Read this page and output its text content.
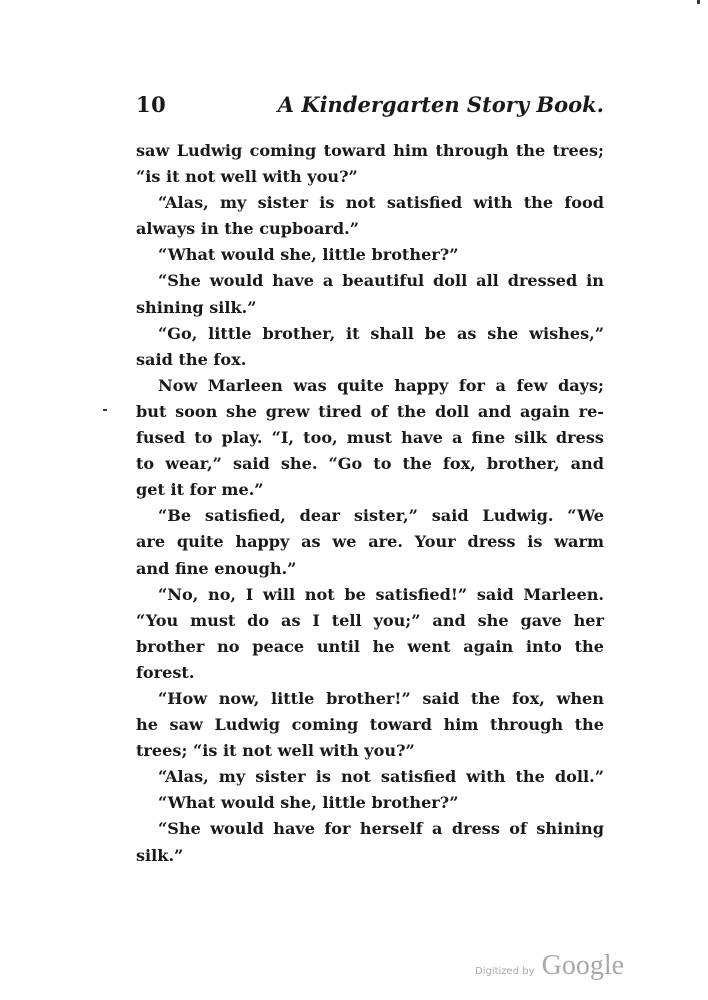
10	A Kindergarten Story Book.
saw Ludwig coming toward him through the trees;
“is it not well with you?”
“Alas, my sister is not satisfied with the food
always in the cupboard.”
“What would she, little brother?”
“She would have a beautiful doll all dressed in
shining silk.”
“Go, little brother, it shall be as she wishes,”
said the fox.
Now Marleen was quite happy for a few days;
but soon she grew tired of the doll and again re-
fused to play. “I, too, must have a fine silk dress
to wear,” said she. “Go to the fox, brother, and
get it for me.”
“Be satisfied, dear sister,” said Ludwig. “We
are quite happy as we are. Your dress is warm
and fine enough.”
“No, no, I will not be satisfied!” said Marleen.
“You must do as I tell you;” and she gave her
brother no peace until he went again into the
forest.
“How now, little brother!” said the fox, when
he saw Ludwig coming toward him through the
trees; “is it not well with you?”
“Alas, my sister is not satisfied with the doll.”
“What would she, little brother?”
“She would have for herself a dress of shining
silk.”
Digitized by Google
